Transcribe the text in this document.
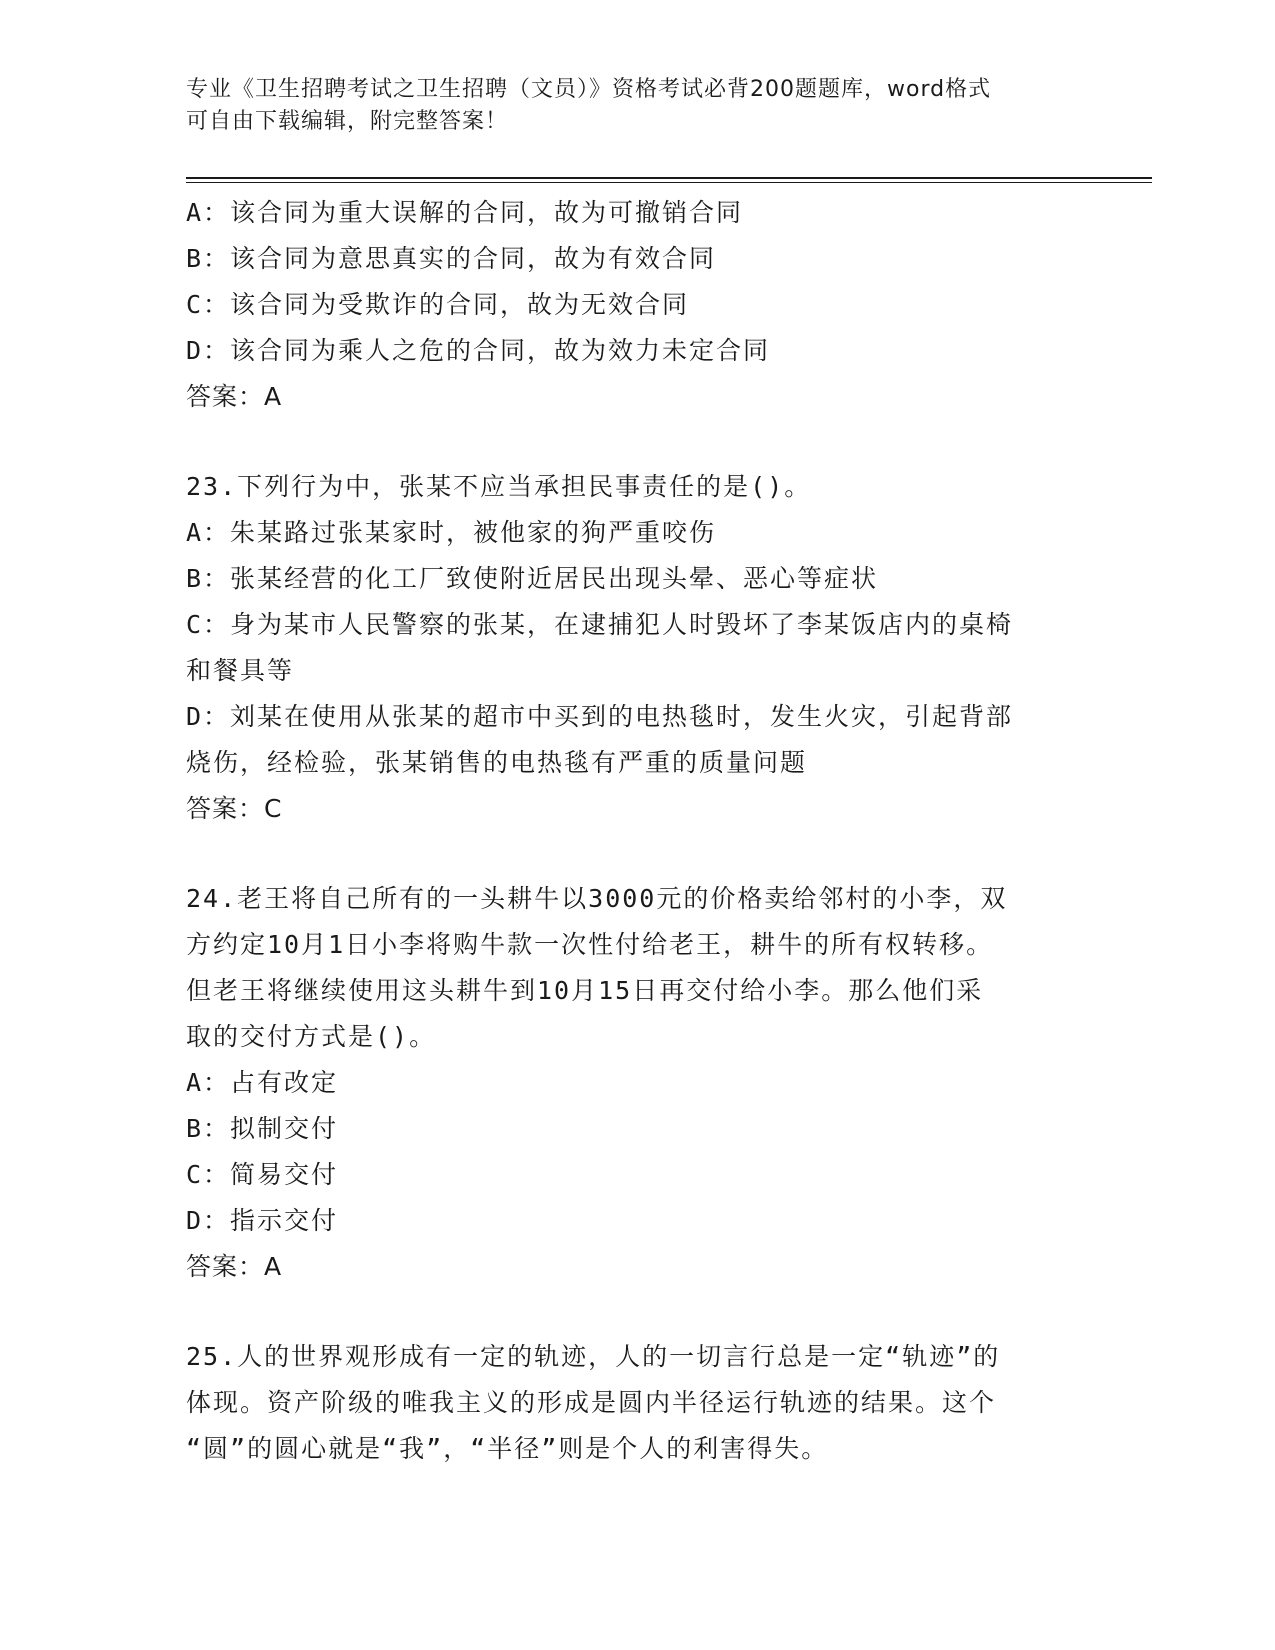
专业《卫生招聘考试之卫生招聘（文员）》资格考试必背200题题库，word格式
可自由下载编辑，附完整答案！
A：该合同为重大误解的合同，故为可撤销合同
B：该合同为意思真实的合同，故为有效合同
C：该合同为受欺诈的合同，故为无效合同
D：该合同为乘人之危的合同，故为效力未定合同
答案：A
23.下列行为中，张某不应当承担民事责任的是()。
A：朱某路过张某家时，被他家的狗严重咬伤
B：张某经营的化工厂致使附近居民出现头晕、恶心等症状
C：身为某市人民警察的张某，在逮捕犯人时毁坏了李某饭店内的桌椅
和餐具等
D：刘某在使用从张某的超市中买到的电热毯时，发生火灾，引起背部
烧伤，经检验，张某销售的电热毯有严重的质量问题
答案：C
24.老王将自己所有的一头耕牛以3000元的价格卖给邻村的小李，双
方约定10月1日小李将购牛款一次性付给老王，耕牛的所有权转移。
但老王将继续使用这头耕牛到10月15日再交付给小李。那么他们采
取的交付方式是()。
A：占有改定
B：拟制交付
C：简易交付
D：指示交付
答案：A
25.人的世界观形成有一定的轨迹，人的一切言行总是一定“轨迹”的
体现。资产阶级的唯我主义的形成是圆内半径运行轨迹的结果。这个
“圆”的圆心就是“我”，“半径”则是个人的利害得失。
